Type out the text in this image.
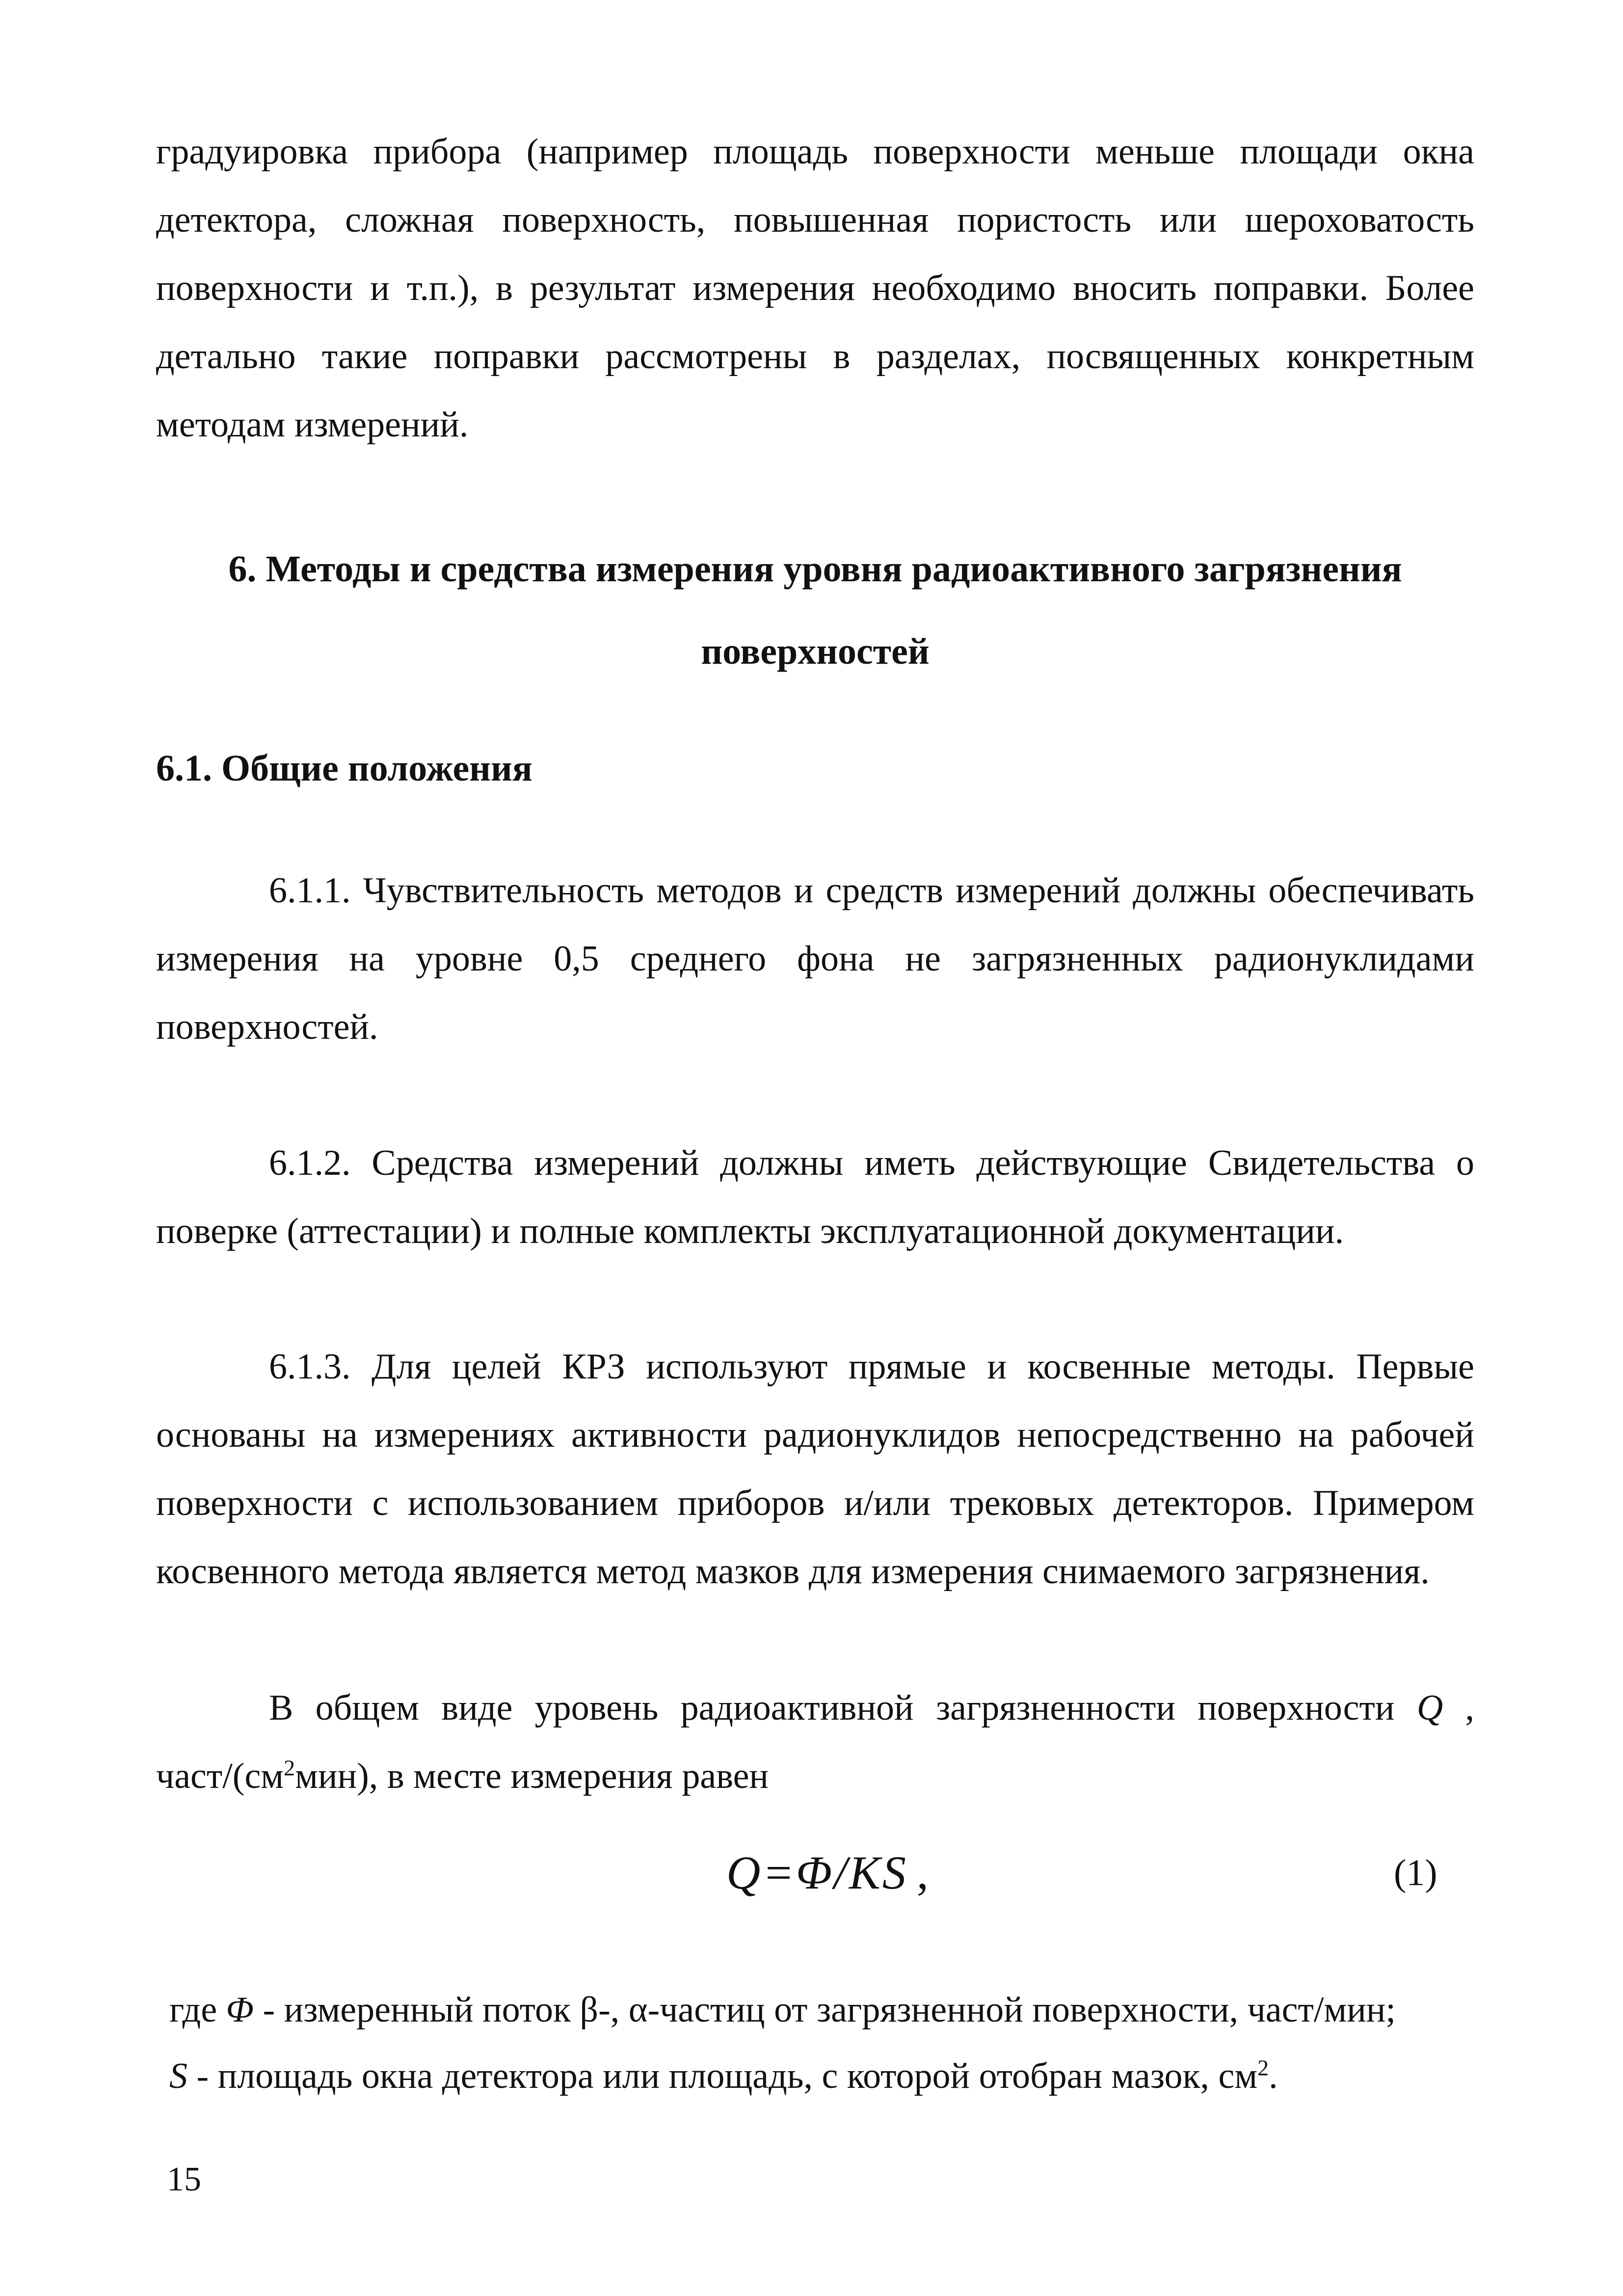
градуировка прибора (например площадь поверхности меньше площади окна детектора, сложная поверхность, повышенная пористость или шероховатость поверхности и т.п.), в результат измерения необходимо вносить поправки. Более детально такие поправки рассмотрены в разделах, посвященных конкретным методам измерений.

6. Методы и средства измерения уровня радиоактивного загрязнения
поверхностей
6.1. Общие положения

6.1.1. Чувствительность методов и средств измерений должны обеспечивать измерения на уровне 0,5 среднего фона не загрязненных радионуклидами поверхностей.

6.1.2. Средства измерений должны иметь действующие Свидетельства о поверке (аттестации) и полные комплекты эксплуатационной документации.

6.1.3. Для целей КРЗ используют прямые и косвенные методы. Первые основаны на измерениях активности радионуклидов непосредственно на рабочей поверхности с использованием приборов и/или трековых детекторов. Примером косвенного метода является метод мазков для измерения снимаемого загрязнения.

В общем виде уровень радиоактивной загрязненности поверхности Q , част/$(см^2мин)$, в месте измерения равен

Q=Φ/KS ,	(1)

где Φ - измеренный поток β-, α-частиц от загрязненной поверхности, част/мин;

S - площадь окна детектора или площадь, с которой отобран мазок, $см^2$.

15
